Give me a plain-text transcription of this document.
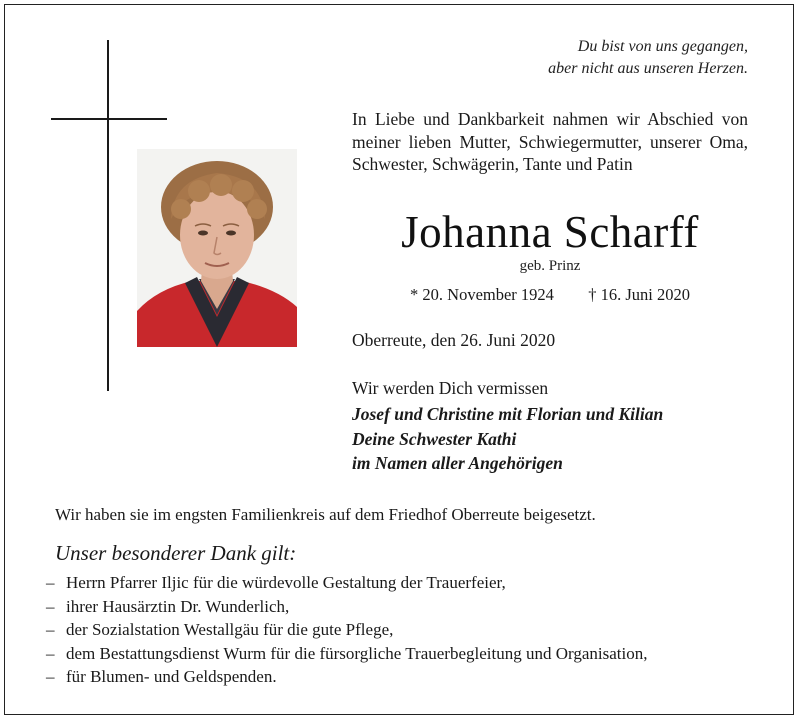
Du bist von uns gegangen,
aber nicht aus unseren Herzen.
In Liebe und Dankbarkeit nahmen wir Abschied von meiner lieben Mutter, Schwiegermutter, unserer Oma, Schwester, Schwägerin, Tante und Patin
Johanna Scharff
geb. Prinz
* 20. November 1924 † 16. Juni 2020
Oberreute, den 26. Juni 2020
Wir werden Dich vermissen
Josef und Christine mit Florian und Kilian
Deine Schwester Kathi
im Namen aller Angehörigen
Wir haben sie im engsten Familienkreis auf dem Friedhof Oberreute beigesetzt.
Unser besonderer Dank gilt:
– Herrn Pfarrer Iljic für die würdevolle Gestaltung der Trauerfeier,
– ihrer Hausärztin Dr. Wunderlich,
– der Sozialstation Westallgäu für die gute Pflege,
– dem Bestattungsdienst Wurm für die fürsorgliche Trauerbegleitung und Organisation,
– für Blumen- und Geldspenden.
